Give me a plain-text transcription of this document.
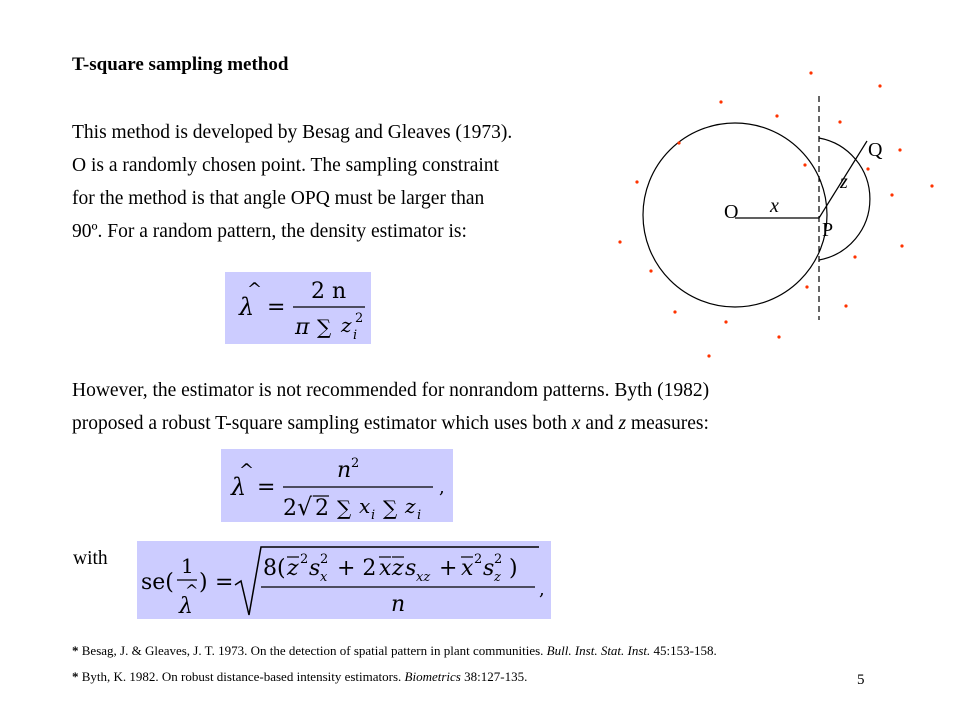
T-square sampling method
This method is developed by Besag and Gleaves (1973).
O is a randomly chosen point. The sampling constraint
for the method is that angle OPQ must be larger than
90º. For a random pattern, the density estimator is:
^
λ =
2 n
π ∑ z 2
i
However, the estimator is not recommended for nonrandom patterns. Byth (1982)
proposed a robust T-square sampling estimator which uses both x and z measures:
^
λ =
n 2
2 √ 2 ∑ x i ∑ z i
,
with
se(
1
^
λ
) =
8( z 2 s 2
x + 2 x z s xz + x 2 s 2
z )
n
,
O x
P
z
Q
* Besag, J. & Gleaves, J. T. 1973. On the detection of spatial pattern in plant communities. Bull. Inst. Stat. Inst. 45:153-158.
* Byth, K. 1982. On robust distance-based intensity estimators. Biometrics 38:127-135.	5
